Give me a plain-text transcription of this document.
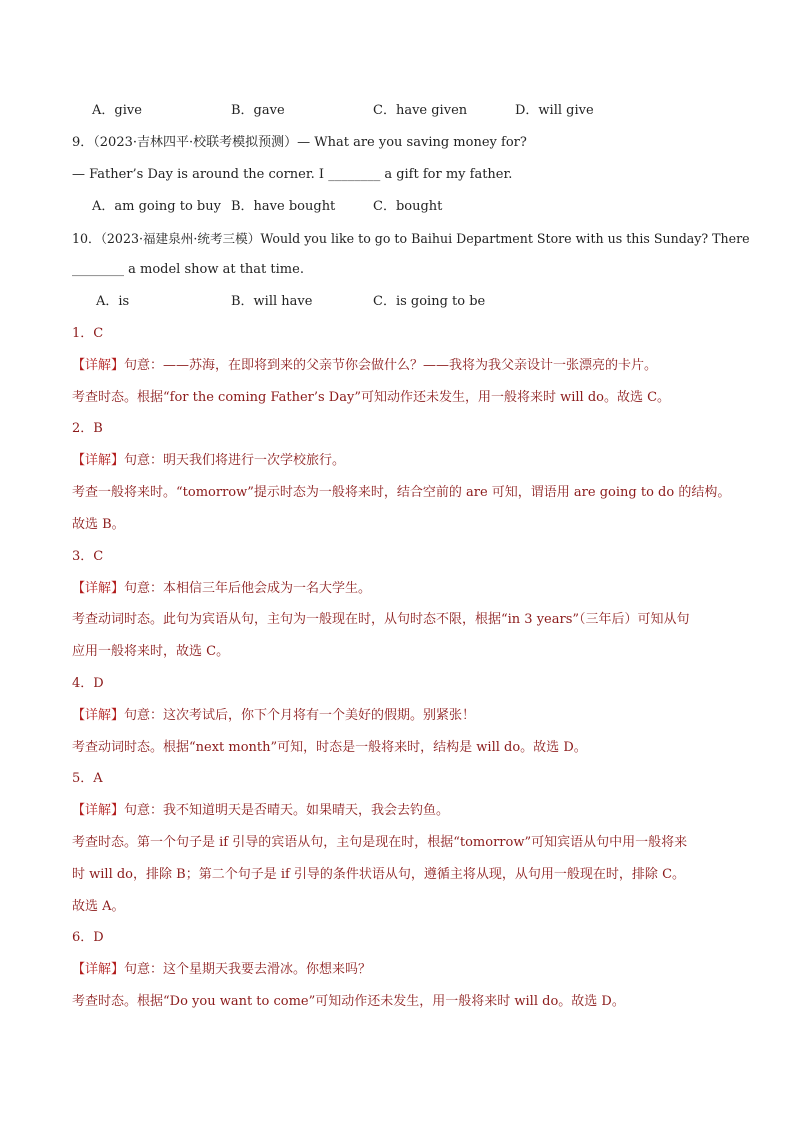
A．give	B．gave	C．have given	D．will give
9．（2023·吉林四平·校联考模拟预测）— What are you saving money for?
— Father’s Day is around the corner. I ________ a gift for my father.
A．am going to buy B．have bought	C．bought
10．（2023·福建泉州·统考三模）Would you like to go to Baihui Department Store with us this Sunday? There
________ a model show at that time.
A．is	B．will have	C．is going to be
1．C
【详解】句意：——苏海，在即将到来的父亲节你会做什么？——我将为我父亲设计一张漂亮的卡片。
考查时态。根据“for the coming Father’s Day”可知动作还未发生，用一般将来时 will do。故选 C。
2．B
【详解】句意：明天我们将进行一次学校旅行。
考查一般将来时。“tomorrow”提示时态为一般将来时，结合空前的 are 可知，谓语用 are going to do 的结构。
故选 B。
3．C
【详解】句意：本相信三年后他会成为一名大学生。
考查动词时态。此句为宾语从句，主句为一般现在时，从句时态不限，根据“in 3 years”（三年后）可知从句
应用一般将来时，故选 C。
4．D
【详解】句意：这次考试后，你下个月将有一个美好的假期。别紧张！
考查动词时态。根据“next month”可知，时态是一般将来时，结构是 will do。故选 D。
5．A
【详解】句意：我不知道明天是否晴天。如果晴天，我会去钓鱼。
考查时态。第一个句子是 if 引导的宾语从句，主句是现在时，根据“tomorrow”可知宾语从句中用一般将来
时 will do，排除 B；第二个句子是 if 引导的条件状语从句，遵循主将从现，从句用一般现在时，排除 C。
故选 A。
6．D
【详解】句意：这个星期天我要去滑冰。你想来吗？
考查时态。根据“Do you want to come”可知动作还未发生，用一般将来时 will do。故选 D。
